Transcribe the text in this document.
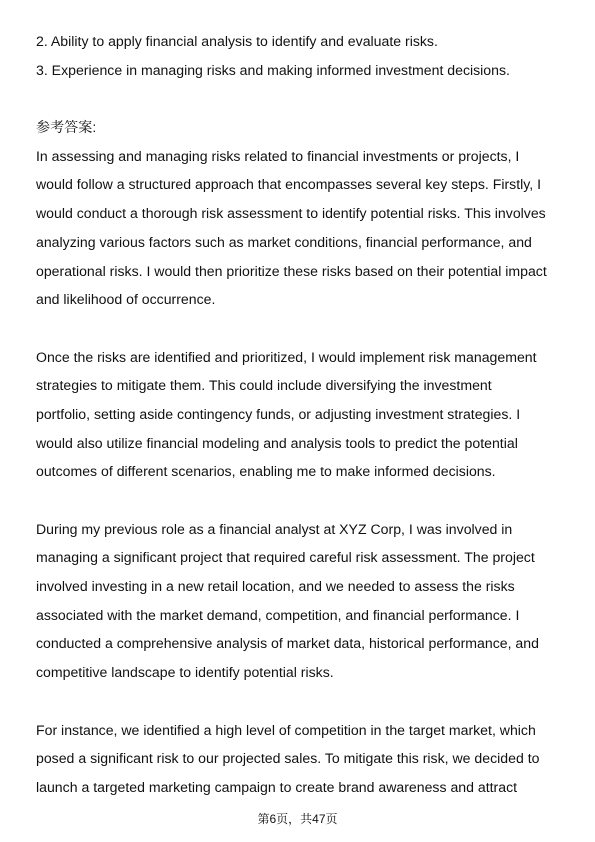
2. Ability to apply financial analysis to identify and evaluate risks.

3. Experience in managing risks and making informed investment decisions.

参考答案:

In assessing and managing risks related to financial investments or projects, I

would follow a structured approach that encompasses several key steps. Firstly, I

would conduct a thorough risk assessment to identify potential risks. This involves

analyzing various factors such as market conditions, financial performance, and

operational risks. I would then prioritize these risks based on their potential impact

and likelihood of occurrence.

Once the risks are identified and prioritized, I would implement risk management

strategies to mitigate them. This could include diversifying the investment

portfolio, setting aside contingency funds, or adjusting investment strategies. I

would also utilize financial modeling and analysis tools to predict the potential

outcomes of different scenarios, enabling me to make informed decisions.

During my previous role as a financial analyst at XYZ Corp, I was involved in

managing a significant project that required careful risk assessment. The project

involved investing in a new retail location, and we needed to assess the risks

associated with the market demand, competition, and financial performance. I

conducted a comprehensive analysis of market data, historical performance, and

competitive landscape to identify potential risks.

For instance, we identified a high level of competition in the target market, which

posed a significant risk to our projected sales. To mitigate this risk, we decided to

launch a targeted marketing campaign to create brand awareness and attract

第6页，共47页
